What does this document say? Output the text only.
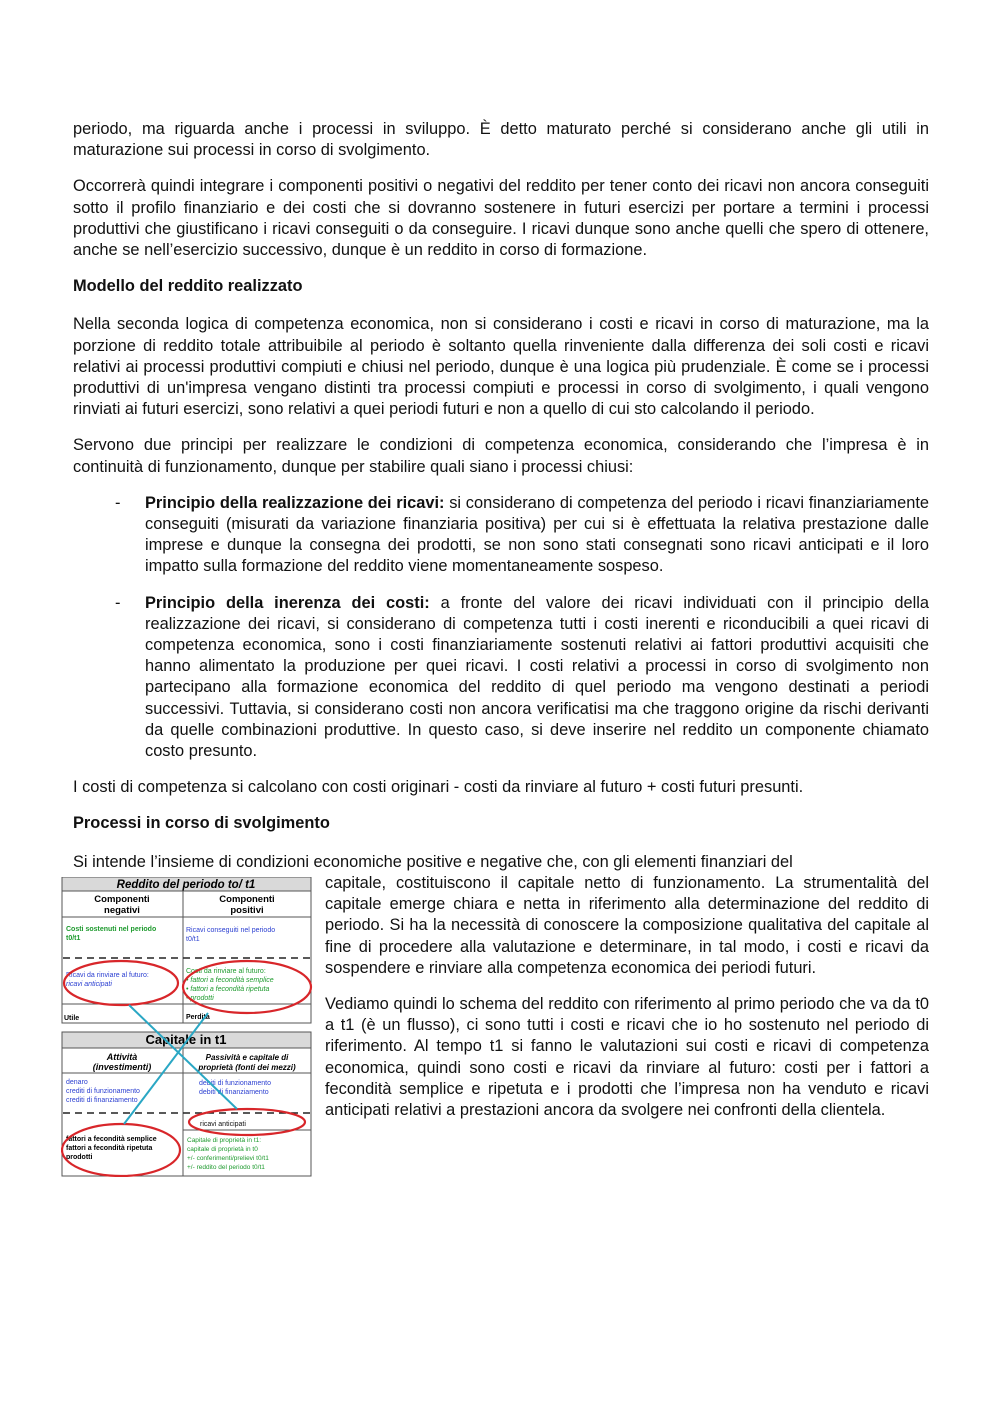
periodo, ma riguarda anche i processi in sviluppo. È detto maturato perché si considerano anche gli utili in maturazione sui processi in corso di svolgimento.

Occorrerà quindi integrare i componenti positivi o negativi del reddito per tener conto dei ricavi non ancora conseguiti sotto il profilo finanziario e dei costi che si dovranno sostenere in futuri esercizi per portare a termini i processi produttivi che giustificano i ricavi conseguiti o da conseguire. I ricavi dunque sono anche quelli che spero di ottenere, anche se nell’esercizio successivo, dunque è un reddito in corso di formazione.

Modello del reddito realizzato

Nella seconda logica di competenza economica, non si considerano i costi e ricavi in corso di maturazione, ma la porzione di reddito totale attribuibile al periodo è soltanto quella rinveniente dalla differenza dei soli costi e ricavi relativi ai processi produttivi compiuti e chiusi nel periodo, dunque è una logica più prudenziale. È come se i processi produttivi di un'impresa vengano distinti tra processi compiuti e processi in corso di svolgimento, i quali vengono rinviati ai futuri esercizi, sono relativi a quei periodi futuri e non a quello di cui sto calcolando il periodo.

Servono due principi per realizzare le condizioni di competenza economica, considerando che l’impresa è in continuità di funzionamento, dunque per stabilire quali siano i processi chiusi:

- Principio della realizzazione dei ricavi: si considerano di competenza del periodo i ricavi finanziariamente conseguiti (misurati da variazione finanziaria positiva) per cui si è effettuata la relativa prestazione dalle imprese e dunque la consegna dei prodotti, se non sono stati consegnati sono ricavi anticipati e il loro impatto sulla formazione del reddito viene momentaneamente sospeso.
- Principio della inerenza dei costi: a fronte del valore dei ricavi individuati con il principio della realizzazione dei ricavi, si considerano di competenza tutti i costi inerenti e riconducibili a quei ricavi di competenza economica, sono i costi finanziariamente sostenuti relativi ai fattori produttivi acquisiti che hanno alimentato la produzione per quei ricavi. I costi relativi a processi in corso di svolgimento non partecipano alla formazione economica del reddito di quel periodo ma vengono destinati a periodi successivi. Tuttavia, si considerano costi non ancora verificatisi ma che traggono origine da rischi derivanti da quelle combinazioni produttive. In questo caso, si deve inserire nel reddito un componente chiamato costo presunto.

I costi di competenza si calcolano con costi originari - costi da rinviare al futuro + costi futuri presunti.

Processi in corso di svolgimento

Si intende l’insieme di condizioni economiche positive e negative che, con gli elementi finanziari del

Reddito del periodo to/ t1
Componenti
negativi
Componenti
positivi
Costi sostenuti nel periodo
t0/t1
Ricavi conseguiti nel periodo
t0/t1
Ricavi da rinviare al futuro:
ricavi anticipati
Costi da rinviare al futuro:
• fattori a fecondità semplice
• fattori a fecondità ripetuta
• prodotti
Utile	Perdita
Capitale in t1
Attività
(investimenti)
Passività e capitale di
proprietà (fonti dei mezzi)
denaro
crediti di funzionamento
crediti di finanziamento
debiti di funzionamento
debiti di finanziamento
ricavi anticipati
fattori a fecondità semplice
fattori a fecondità ripetuta
prodotti
Capitale di proprietà in t1:
capitale di proprietà in t0
+/- conferimenti/prelievi t0/t1
+/- reddito del periodo t0/t1

capitale, costituiscono il capitale netto di funzionamento. La strumentalità del capitale emerge chiara e netta in riferimento alla determinazione del reddito di periodo. Si ha la necessità di conoscere la composizione qualitativa del capitale al fine di procedere alla valutazione e determinare, in tal modo, i costi e ricavi da sospendere e rinviare alla competenza economica dei periodi futuri.

Vediamo quindi lo schema del reddito con riferimento al primo periodo che va da t0 a t1 (è un flusso), ci sono tutti i costi e ricavi che io ho sostenuto nel periodo di riferimento. Al tempo t1 si fanno le valutazioni sui costi e ricavi di competenza economica, quindi sono costi e ricavi da rinviare al futuro: costi per i fattori a fecondità semplice e ripetuta e i prodotti che l’impresa non ha venduto e ricavi anticipati relativi a prestazioni ancora da svolgere nei confronti della clientela.
